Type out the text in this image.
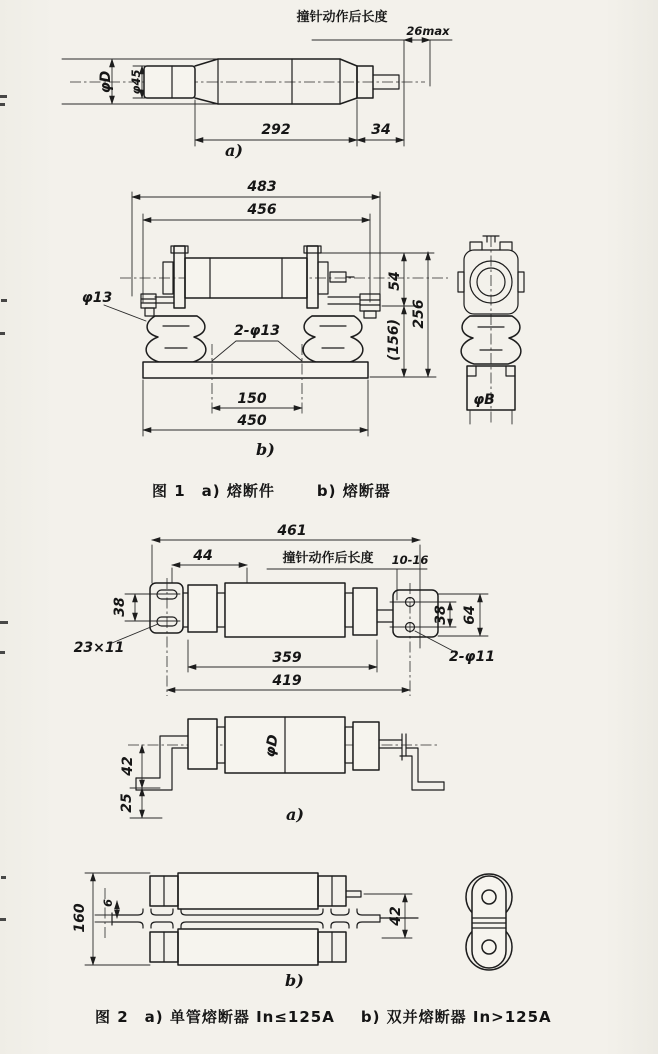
撞针动作后长度
26max
292	34
φD φ45
a)
483
456
φ13
2-φ13
150
450
54
(156)
256
b)
φB
461
44	撞针动作后长度 10-16
38	38 64
23×11
2-φ11
359
419
42
25
φD
a)
160
6
42
b)
图 1 a) 熔断件	b) 熔断器
图 2 a) 单管熔断器 In≤125A b) 双并熔断器 In>125A
